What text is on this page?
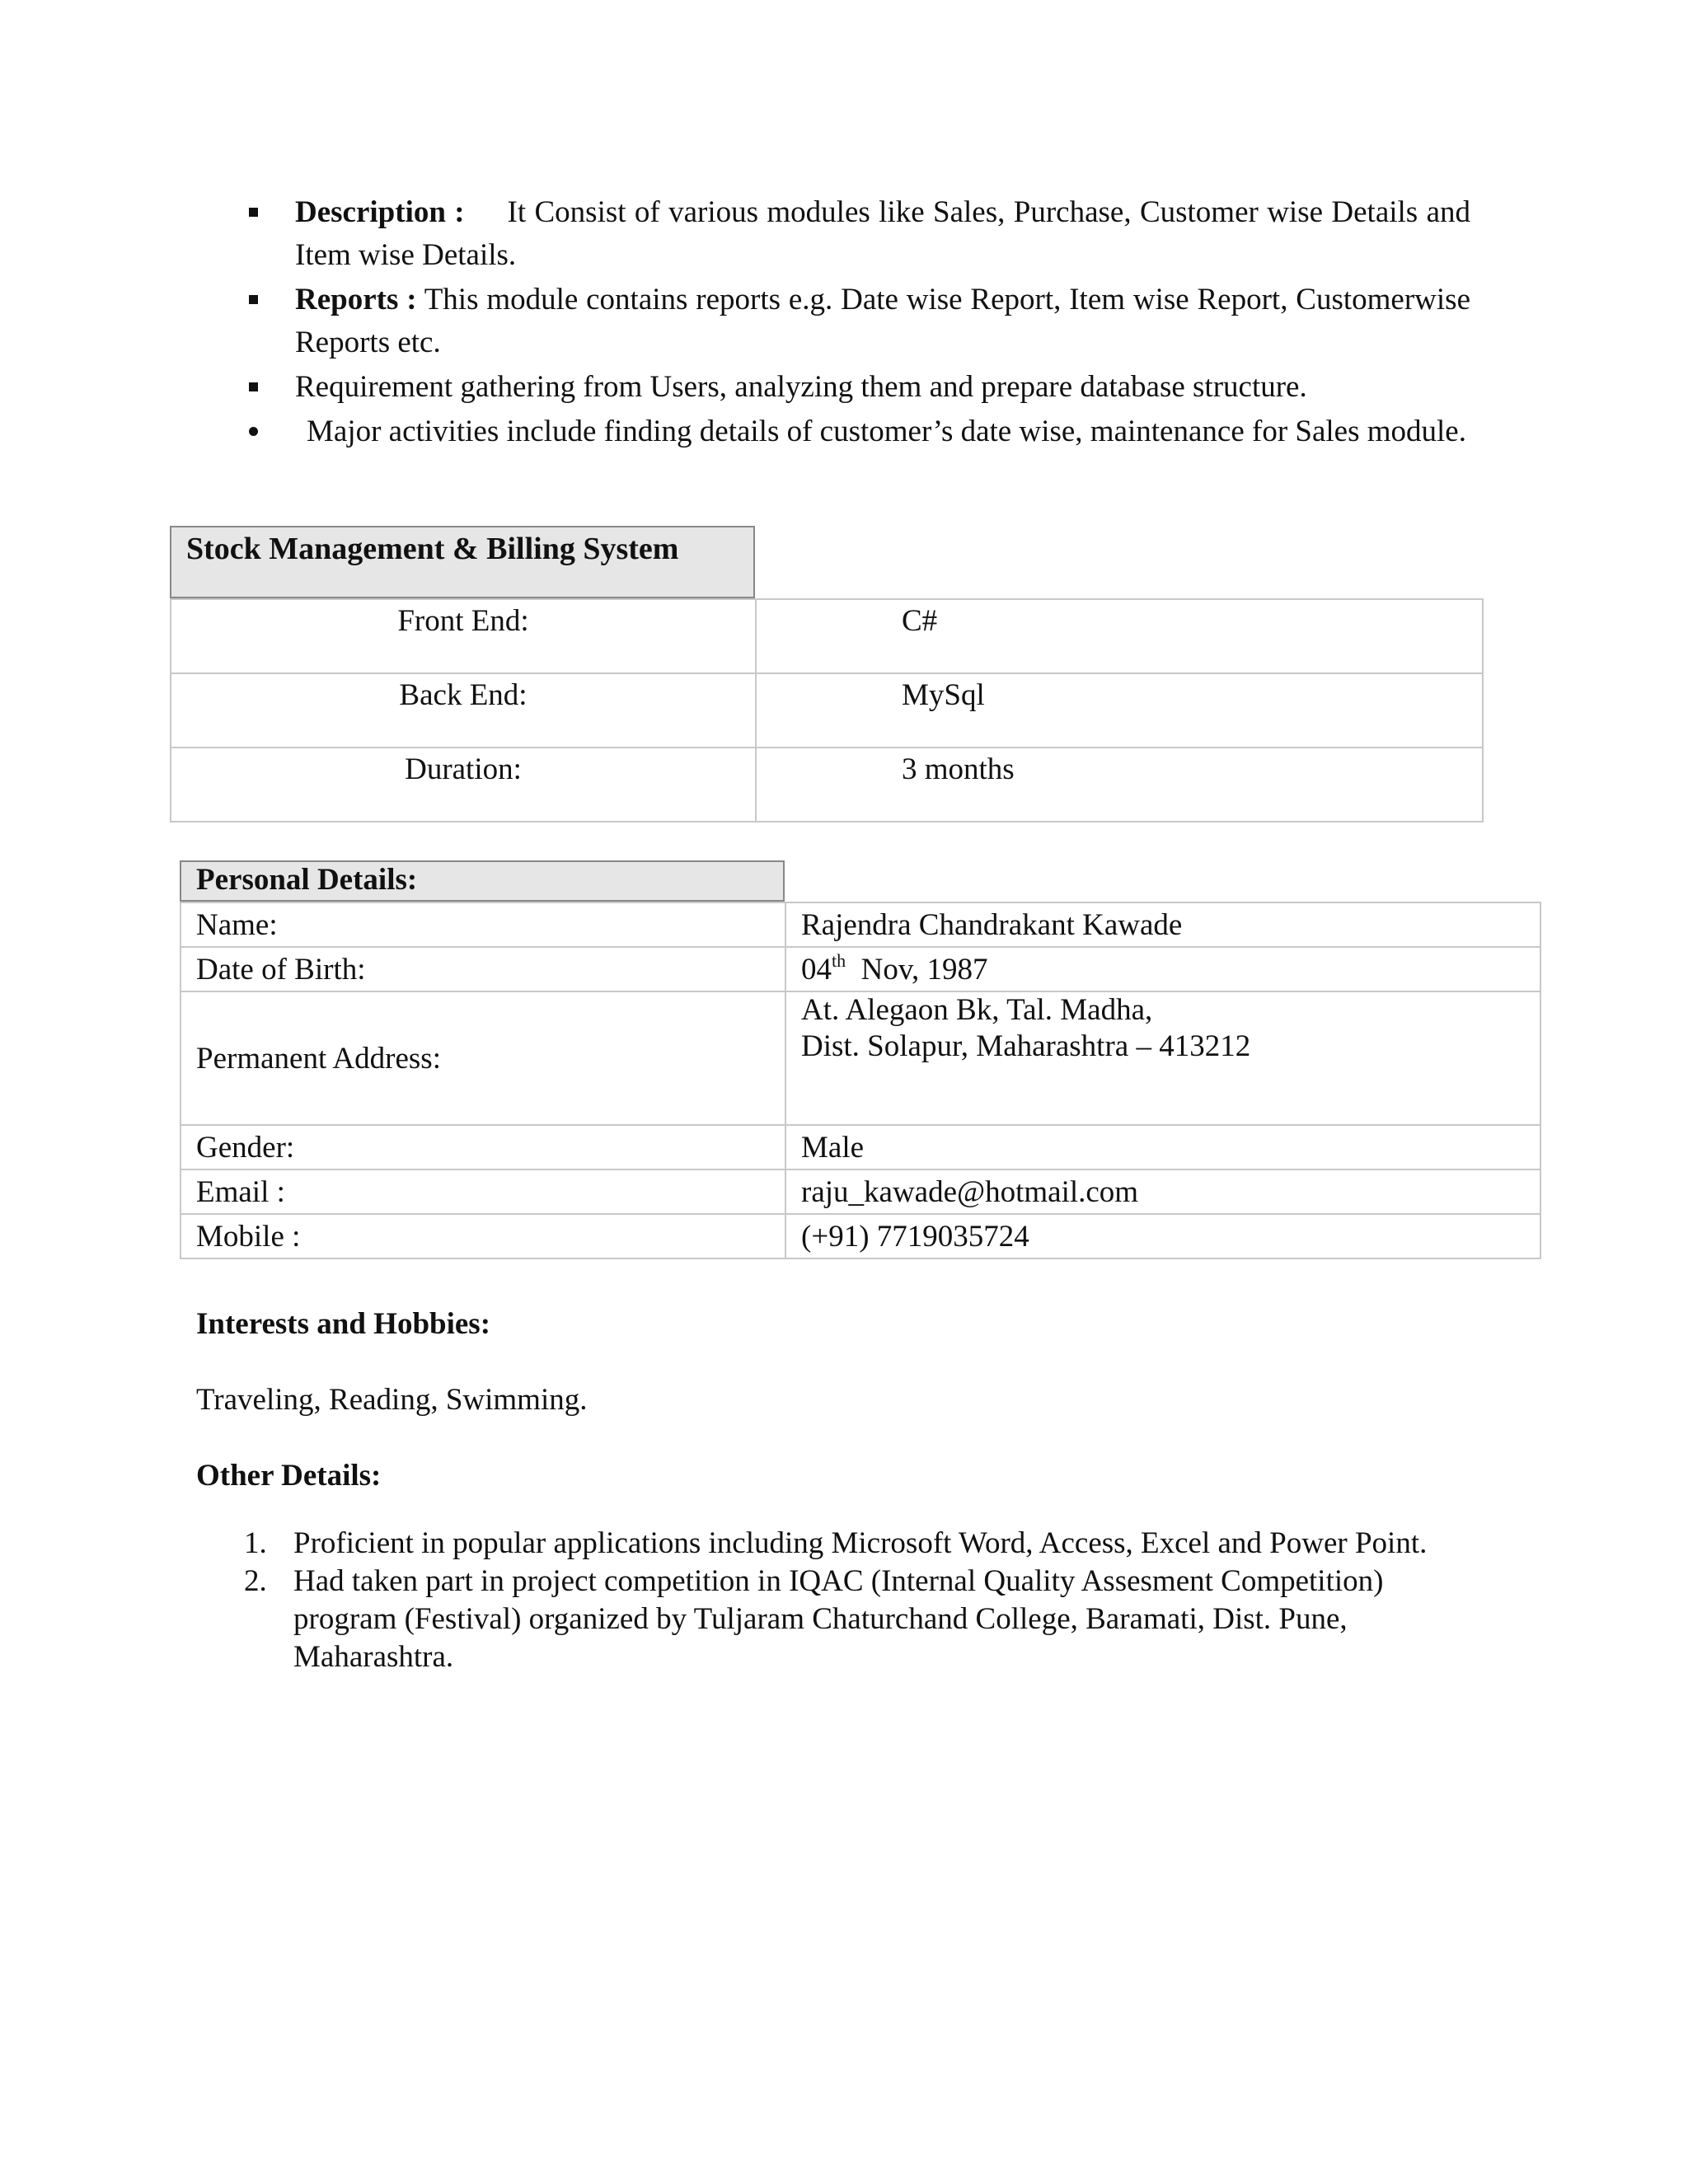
Description : It Consist of various modules like Sales, Purchase, Customer wise Details and Item wise Details.
Reports : This module contains reports e.g. Date wise Report, Item wise Report, Customerwise Reports etc.
Requirement gathering from Users, analyzing them and prepare database structure.
Major activities include finding details of customer’s date wise, maintenance for Sales module.
Stock Management & Billing System
Front End:	C#
Back End:	MySql
Duration:	3 months
Personal Details:
Name:	Rajendra Chandrakant Kawade
Date of Birth:	04th Nov, 1987
Permanent Address:	At. Alegaon Bk, Tal. Madha,
Dist. Solapur, Maharashtra – 413212

Gender:	Male
Email :	raju_kawade@hotmail.com
Mobile :	(+91) 7719035724
Interests and Hobbies:
Traveling, Reading, Swimming.
Other Details:
1. Proficient in popular applications including Microsoft Word, Access, Excel and Power Point.
2. Had taken part in project competition in IQAC (Internal Quality Assesment Competition) program (Festival) organized by Tuljaram Chaturchand College, Baramati, Dist. Pune, Maharashtra.
